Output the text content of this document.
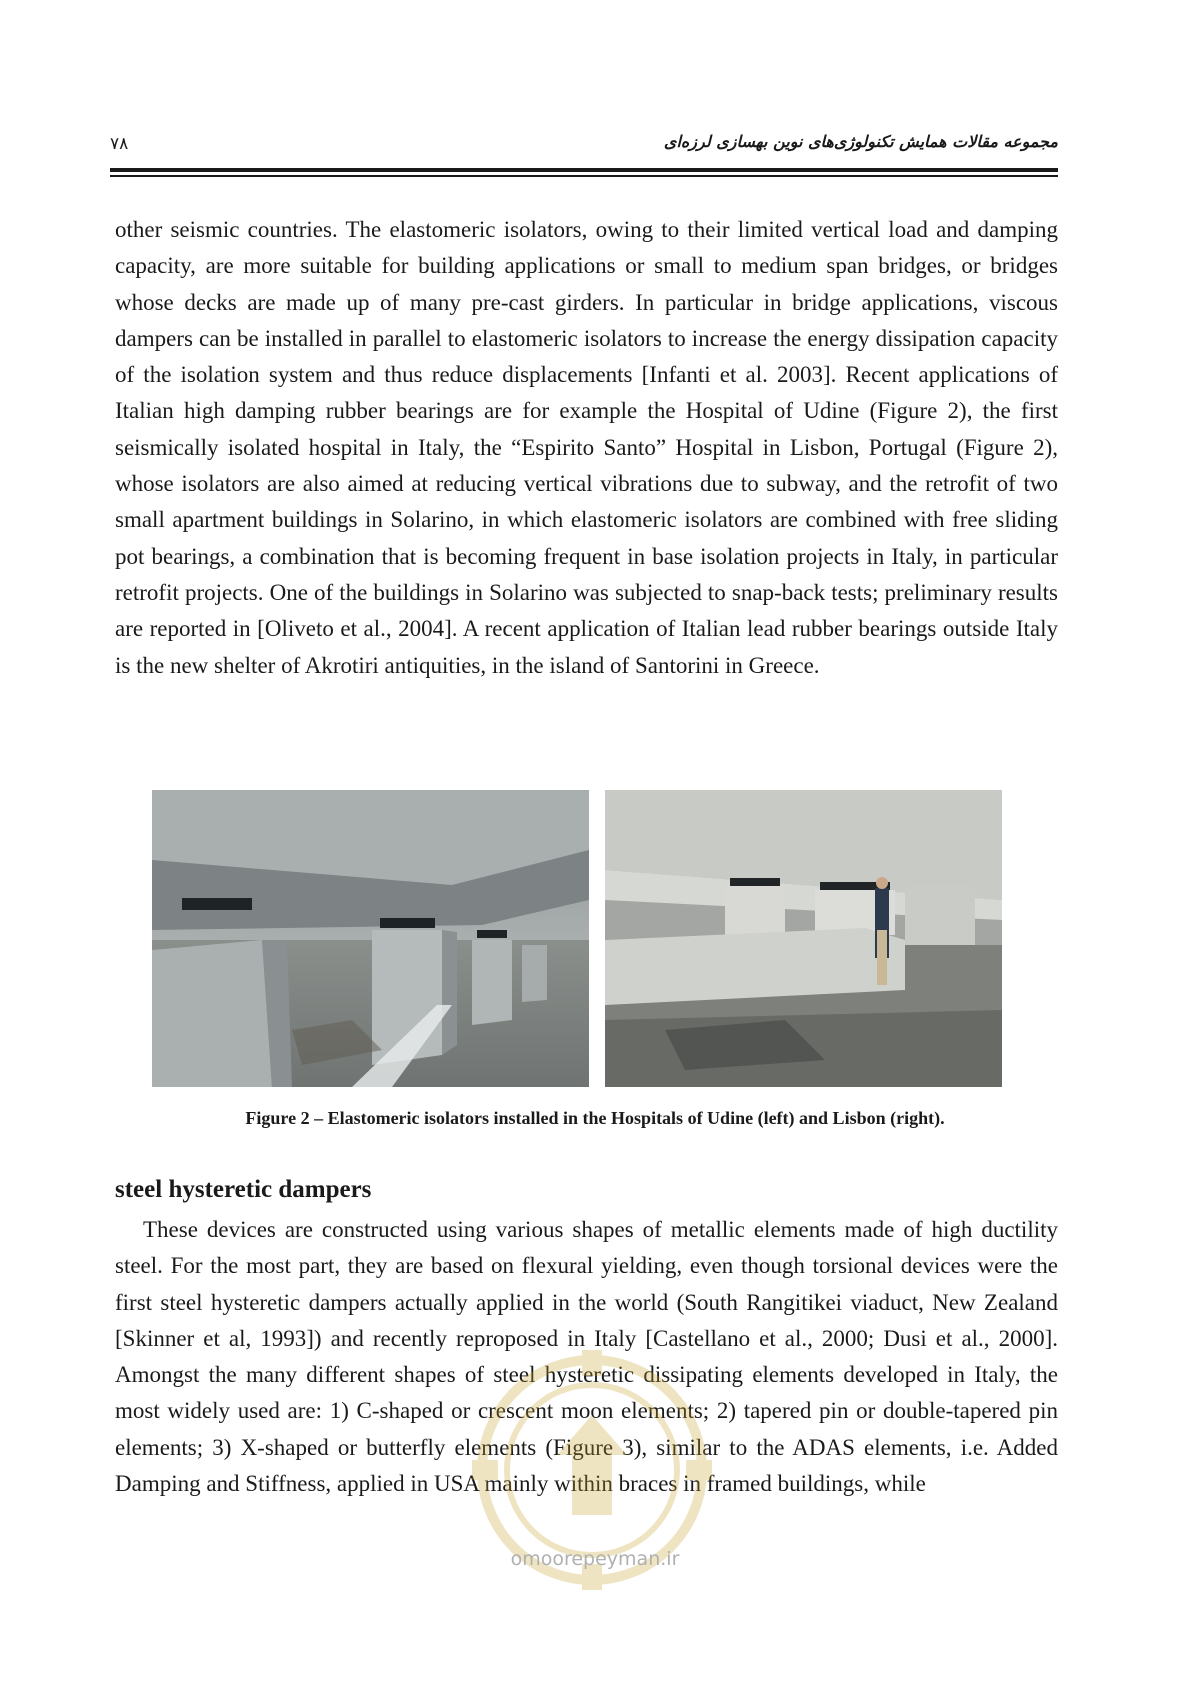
۷۸	مجموعه مقالات همایش تکنولوژی‌های نوین بهسازی لرزه‌ای

other seismic countries. The elastomeric isolators, owing to their limited vertical load and damping capacity, are more suitable for building applications or small to medium span bridges, or bridges whose decks are made up of many pre-cast girders. In particular in bridge applications, viscous dampers can be installed in parallel to elastomeric isolators to increase the energy dissipation capacity of the isolation system and thus reduce displacements [Infanti et al. 2003]. Recent applications of Italian high damping rubber bearings are for example the Hospital of Udine (Figure 2), the first seismically isolated hospital in Italy, the “Espirito Santo” Hospital in Lisbon, Portugal (Figure 2), whose isolators are also aimed at reducing vertical vibrations due to subway, and the retrofit of two small apartment buildings in Solarino, in which elastomeric isolators are combined with free sliding pot bearings, a combination that is becoming frequent in base isolation projects in Italy, in particular retrofit projects. One of the buildings in Solarino was subjected to snap-back tests; preliminary results are reported in [Oliveto et al., 2004]. A recent application of Italian lead rubber bearings outside Italy is the new shelter of Akrotiri antiquities, in the island of Santorini in Greece.

Figure 2 – Elastomeric isolators installed in the Hospitals of Udine (left) and Lisbon (right).
steel hysteretic dampers

These devices are constructed using various shapes of metallic elements made of high ductility steel. For the most part, they are based on flexural yielding, even though torsional devices were the first steel hysteretic dampers actually applied in the world (South Rangitikei viaduct, New Zealand [Skinner et al, 1993]) and recently reproposed in Italy [Castellano et al., 2000; Dusi et al., 2000]. Amongst the many different shapes of steel hysteretic dissipating elements developed in Italy, the most widely used are: 1) C-shaped or crescent moon elements; 2) tapered pin or double-tapered pin elements; 3) X-shaped or butterfly elements (Figure 3), similar to the ADAS elements, i.e. Added Damping and Stiffness, applied in USA mainly within braces in framed buildings, while

omoorepeyman.ir
